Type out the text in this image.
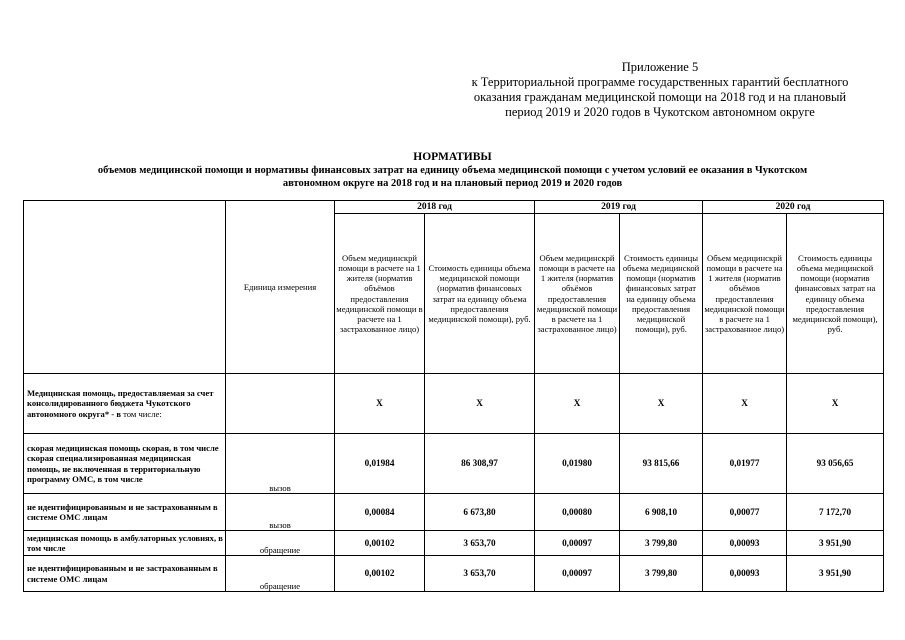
Приложение 5
к Территориальной программе государственных гарантий бесплатного
оказания гражданам медицинской помощи на 2018 год и на плановый
период 2019 и 2020 годов в Чукотском автономном округе
НОРМАТИВЫ
объемов медицинской помощи и нормативы финансовых затрат на единицу объема медицинской помощи с учетом условий ее оказания в Чукотском
автономном округе на 2018 год и на плановый период 2019 и 2020 годов
	Единица измерения	2018 год		2019 год		2020 год	
		Объем медицинскрй помощи в расчете на 1 жителя (норматив объёмов предоставления медицинской помощи в расчете на 1 застрахованное лицо)	Стоимость единицы объема медицинской помощи (норматив финансовых затрат на единицу объема предоставления медицинской помощи), руб.	Объем медицинскрй помощи в расчете на 1 жителя (норматив объёмов предоставления медицинской помощи в расчете на 1 застрахованное лицо)	Стоимость единицы объема медицинской помощи (норматив финансовых затрат на единицу объема предоставления медицинской помощи), руб.	Объем медицинскрй помощи в расчете на 1 жителя (норматив объёмов предоставления медицинской помощи в расчете на 1 застрахованное лицо)	Стоимость единицы объема медицинской помощи (норматив финансовых затрат на единицу объема предоставления медицинской помощи), руб.
Медицинская помощь, предоставляемая за счет консолидированного бюджета Чукотского автономного округа* - в том числе:		X	X	X	X	X	X
скорая медицинская помощь скорая, в том числе скорая специализированная медицинская помощь, не включенная в территориальную программу ОМС, в том числе	вызов	0,01984	86 308,97	0,01980	93 815,66	0,01977	93 056,65
не идентифицированным и не застрахованным в системе ОМС лицам	вызов	0,00084	6 673,80	0,00080	6 908,10	0,00077	7 172,70
медицинская помощь в амбулаторных условиях, в том числе	обращение	0,00102	3 653,70	0,00097	3 799,80	0,00093	3 951,90
не идентифицированным и не застрахованным в системе ОМС лицам	обращение	0,00102	3 653,70	0,00097	3 799,80	0,00093	3 951,90
